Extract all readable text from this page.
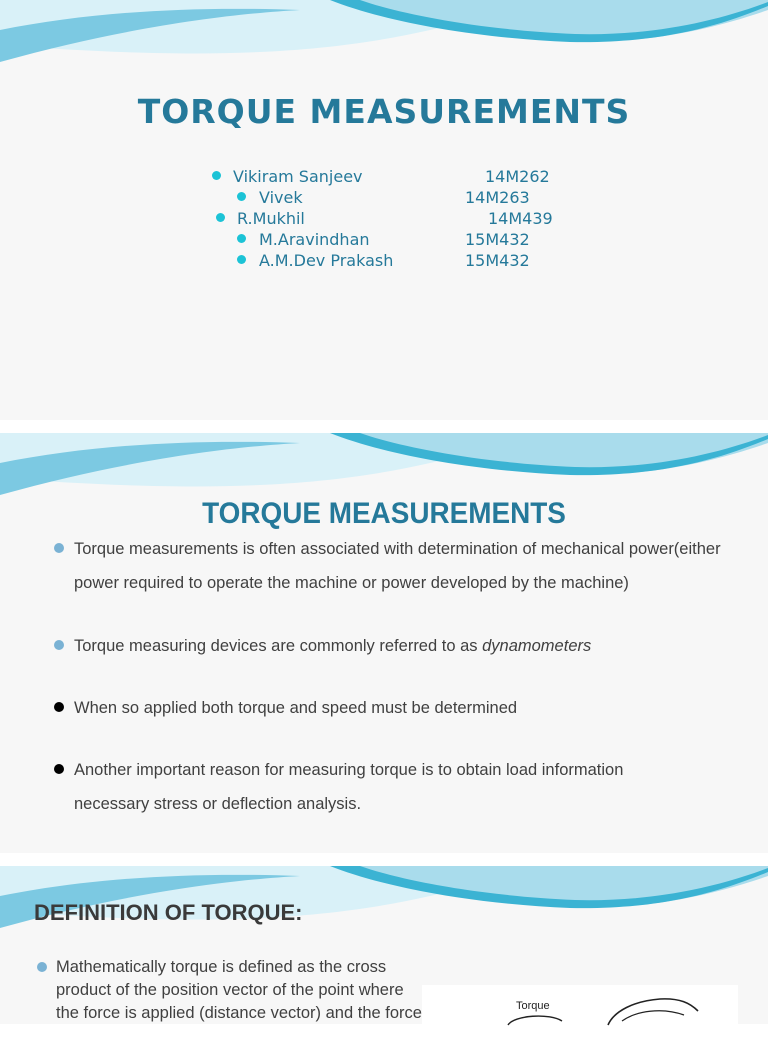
TORQUE MEASUREMENTS
Vikiram Sanjeev	14M262
Vivek	14M263
R.Mukhil	14M439
M.Aravindhan	15M432
A.M.Dev Prakash	15M432
TORQUE MEASUREMENTS
Torque measurements is often associated with determination of mechanical power(either power required to operate the machine or power developed by the machine)
Torque measuring devices are commonly referred to as dynamometers
When so applied both torque and speed must be determined
Another important reason for measuring torque is to obtain load information necessary stress or deflection analysis.
DEFINITION OF TORQUE:
Mathematically torque is defined as the cross product of the position vector of the point where the force is applied (distance vector) and the force	Torque
